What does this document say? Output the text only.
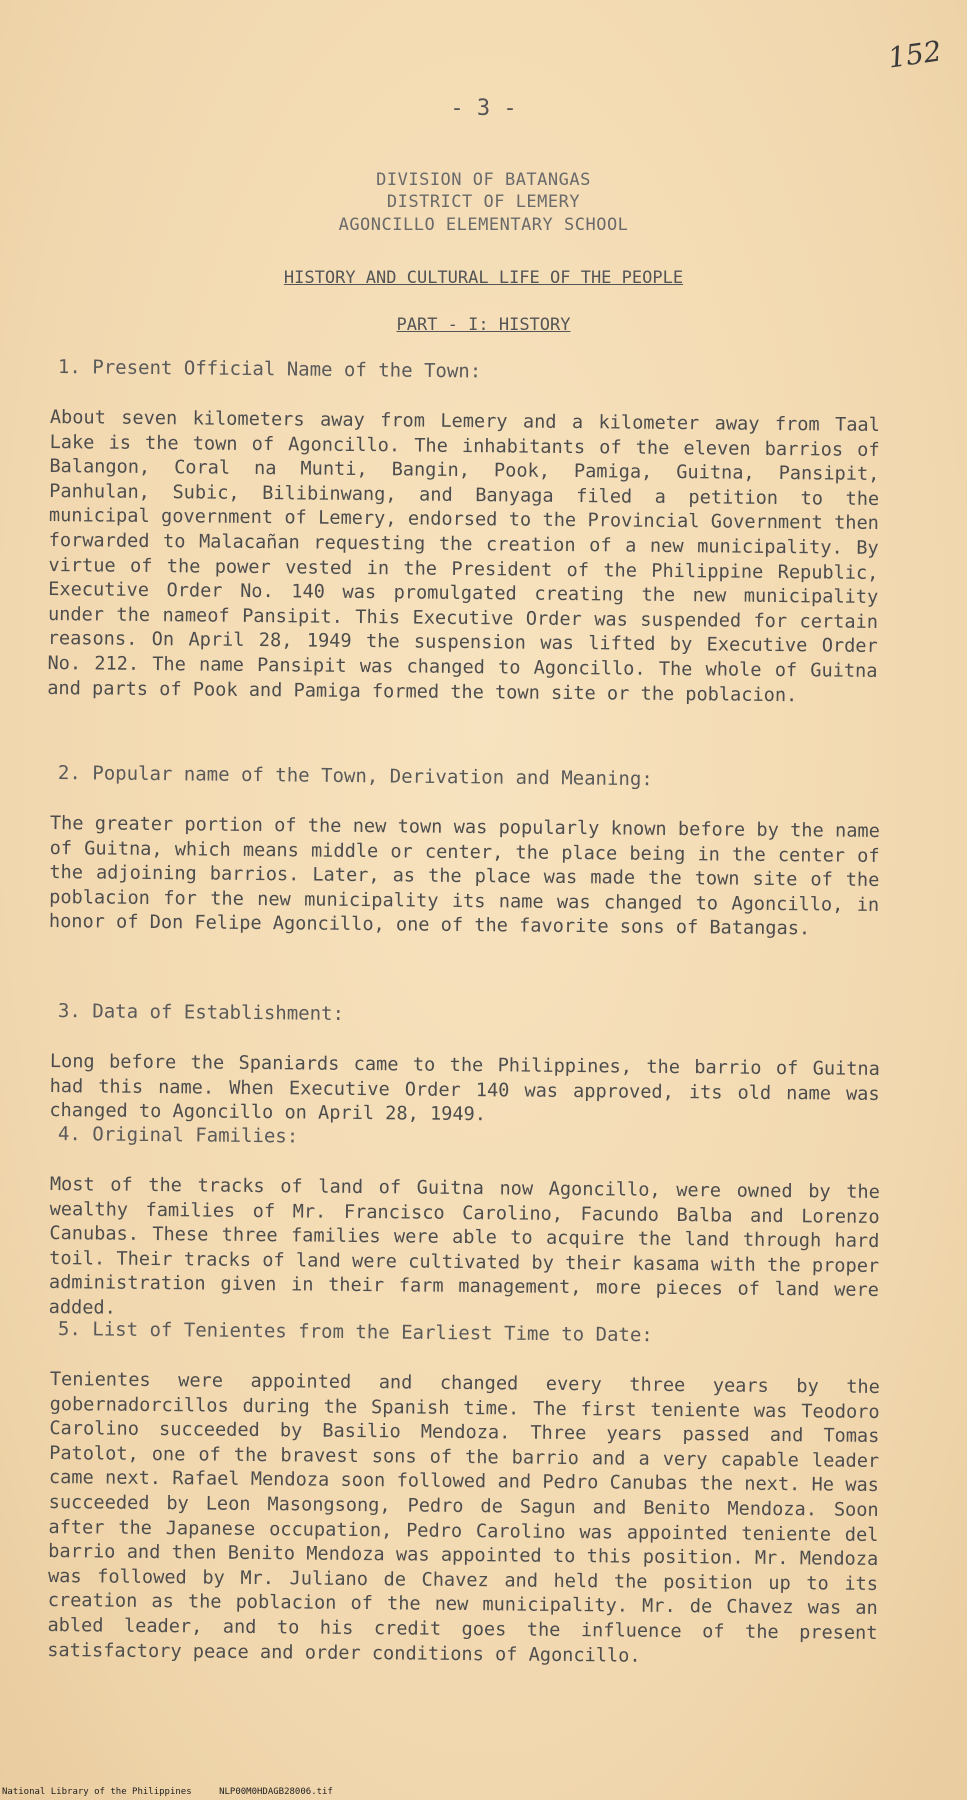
152
- 3 -
DIVISION OF BATANGAS
DISTRICT OF LEMERY
AGONCILLO ELEMENTARY SCHOOL
HISTORY AND CULTURAL LIFE OF THE PEOPLE
PART - I: HISTORY
1. Present Official Name of the Town:

About seven kilometers away from Lemery and a kilometer away from Taal Lake is the town of Agoncillo. The inhabitants of the eleven barrios of Balangon, Coral na Munti, Bangin, Pook, Pamiga, Guitna, Pansipit, Panhulan, Subic, Bilibinwang, and Banyaga filed a petition to the municipal government of Lemery, endorsed to the Provincial Government then forwarded to Malacañan requesting the creation of a new municipality. By virtue of the power vested in the President of the Philippine Republic, Executive Order No. 140 was promulgated creating the new municipality under the nameof Pansipit. This Executive Order was suspended for certain reasons. On April 28, 1949 the suspension was lifted by Executive Order No. 212. The name Pansipit was changed to Agoncillo. The whole of Guitna and parts of Pook and Pamiga formed the town site or the poblacion.

2. Popular name of the Town, Derivation and Meaning:

The greater portion of the new town was popularly known before by the name of Guitna, which means middle or center, the place being in the center of the adjoining barrios. Later, as the place was made the town site of the poblacion for the new municipality its name was changed to Agoncillo, in honor of Don Felipe Agoncillo, one of the favorite sons of Batangas.

3. Data of Establishment:

Long before the Spaniards came to the Philippines, the barrio of Guitna had this name. When Executive Order 140 was approved, its old name was changed to Agoncillo on April 28, 1949.

4. Original Families:

Most of the tracks of land of Guitna now Agoncillo, were owned by the wealthy families of Mr. Francisco Carolino, Facundo Balba and Lorenzo Canubas. These three families were able to acquire the land through hard toil. Their tracks of land were cultivated by their kasama with the proper administration given in their farm management, more pieces of land were added.

5. List of Tenientes from the Earliest Time to Date:

Tenientes were appointed and changed every three years by the gobernadorcillos during the Spanish time. The first teniente was Teodoro Carolino succeeded by Basilio Mendoza. Three years passed and Tomas Patolot, one of the bravest sons of the barrio and a very capable leader came next. Rafael Mendoza soon followed and Pedro Canubas the next. He was succeeded by Leon Masongsong, Pedro de Sagun and Benito Mendoza. Soon after the Japanese occupation, Pedro Carolino was appointed teniente del barrio and then Benito Mendoza was appointed to this position. Mr. Mendoza was followed by Mr. Juliano de Chavez and held the position up to its creation as the poblacion of the new municipality. Mr. de Chavez was an abled leader, and to his credit goes the influence of the present satisfactory peace and order conditions of Agoncillo.

National Library of the Philippines	NLP00M0HDAGB28006.tif
